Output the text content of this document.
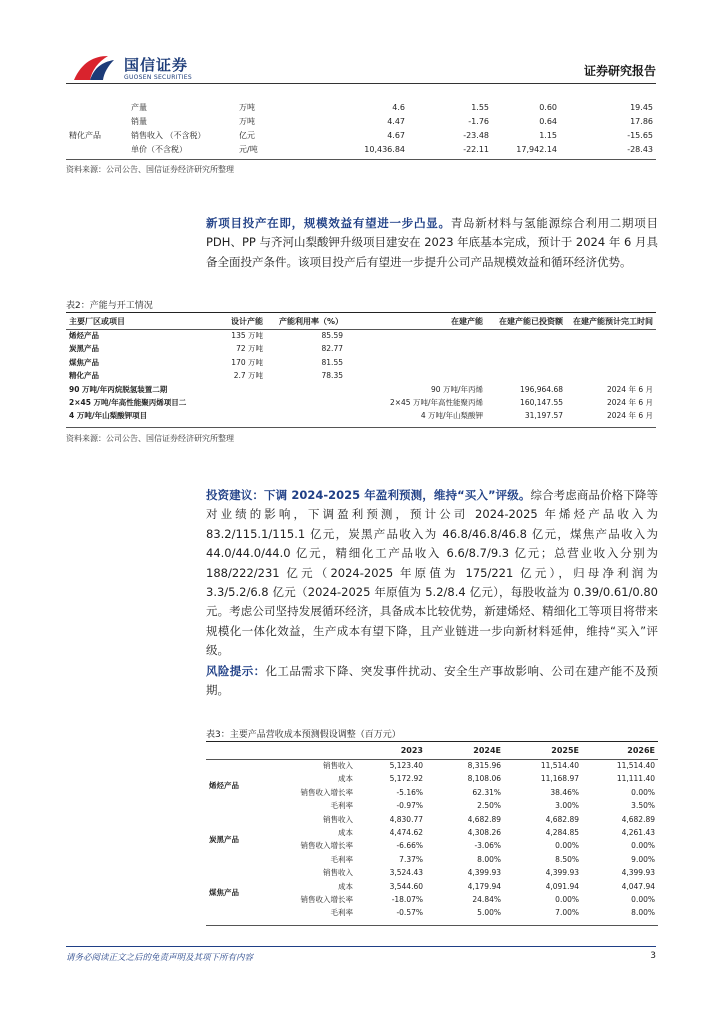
国信证券
GUOSEN SECURITIES	证券研究报告
	产量	万吨	4.6	1.55	0.60	19.45
	销量	万吨	4.47	-1.76	0.64	17.86
精化产品	销售收入 （不含税）	亿元	4.67	-23.48	1.15	-15.65
	单价（不含税）	元/吨	10,436.84	-22.11	17,942.14	-28.43
资料来源：公司公告、国信证券经济研究所整理
新项目投产在即，规模效益有望进一步凸显。青岛新材料与氢能源综合利用二期项目PDH、PP 与齐河山梨酸钾升级项目建安在 2023 年底基本完成，预计于 2024 年 6 月具备全面投产条件。该项目投产后有望进一步提升公司产品规模效益和循环经济优势。
表2：产能与开工情况
主要厂区或项目	设计产能	产能利用率（%）	在建产能	在建产能已投资额	在建产能预计完工时间
烯烃产品	135 万吨	85.59			
炭黑产品	72 万吨	82.77			
煤焦产品	170 万吨	81.55			
精化产品	2.7 万吨	78.35			
90 万吨/年丙烷脱氢装置二期			90 万吨/年丙烯	196,964.68	2024 年 6 月
2×45 万吨/年高性能聚丙烯项目二			2×45 万吨/年高性能聚丙烯	160,147.55	2024 年 6 月
4 万吨/年山梨酸钾项目			4 万吨/年山梨酸钾	31,197.57	2024 年 6 月
资料来源：公司公告、国信证券经济研究所整理
投资建议：下调 2024-2025 年盈利预测，维持“买入”评级。综合考虑商品价格下降等对业绩的影响，下调盈利预测，预计公司 2024-2025 年烯烃产品收入为 83.2/115.1/115.1 亿元，炭黑产品收入为 46.8/46.8/46.8 亿元，煤焦产品收入为 44.0/44.0/44.0 亿元，精细化工产品收入 6.6/8.7/9.3 亿元；总营业收入分别为 188/222/231 亿元（2024-2025 年原值为 175/221 亿元），归母净利润为 3.3/5.2/6.8 亿元（2024-2025 年原值为 5.2/8.4 亿元），每股收益为 0.39/0.61/0.80 元。考虑公司坚持发展循环经济，具备成本比较优势，新建烯烃、精细化工等项目将带来规模化一体化效益，生产成本有望下降，且产业链进一步向新材料延伸，维持“买入”评级。
风险提示：化工品需求下降、突发事件扰动、安全生产事故影响、公司在建产能不及预期。
表3：主要产品营收成本预测假设调整（百万元）
		2023	2024E	2025E	2026E
烯烃产品	销售收入	5,123.40	8,315.96	11,514.40	11,514.40
	成本	5,172.92	8,108.06	11,168.97	11,111.40
	销售收入增长率	-5.16%	62.31%	38.46%	0.00%
	毛利率	-0.97%	2.50%	3.00%	3.50%
炭黑产品	销售收入	4,830.77	4,682.89	4,682.89	4,682.89
	成本	4,474.62	4,308.26	4,284.85	4,261.43
	销售收入增长率	-6.66%	-3.06%	0.00%	0.00%
	毛利率	7.37%	8.00%	8.50%	9.00%
煤焦产品	销售收入	3,524.43	4,399.93	4,399.93	4,399.93
	成本	3,544.60	4,179.94	4,091.94	4,047.94
	销售收入增长率	-18.07%	24.84%	0.00%	0.00%
	毛利率	-0.57%	5.00%	7.00%	8.00%
请务必阅读正文之后的免责声明及其项下所有内容	3
